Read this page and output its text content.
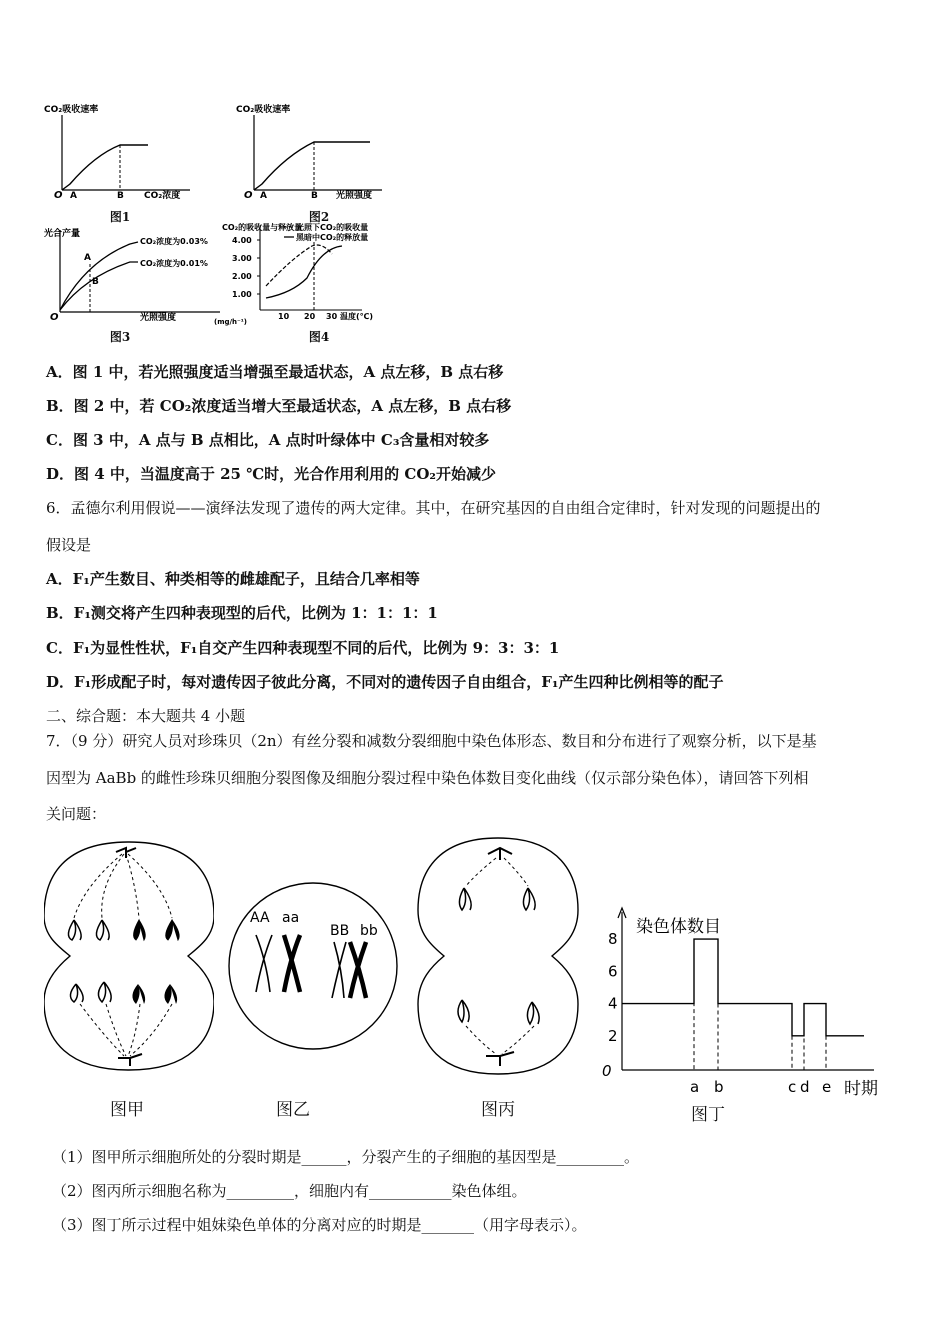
CO₂吸收速率
O A	B CO₂浓度
图1
CO₂吸收速率
O A	B 光照强度
图2
光合产量
CO₂浓度为0.03%
CO₂浓度为0.01%
A
B
O	光照强度
图3
光照下CO₂的吸收量
黑暗中CO₂的释放量
CO₂的吸收量与释放量
4.00
3.00
2.00
1.00
10 20 30 温度(℃)
(mg/h⁻¹)
图4
A．图 1 中，若光照强度适当增强至最适状态，A 点左移，B 点右移
B．图 2 中，若 CO₂浓度适当增大至最适状态，A 点左移，B 点右移
C．图 3 中，A 点与 B 点相比，A 点时叶绿体中 C₃含量相对较多
D．图 4 中，当温度高于 25 ℃时，光合作用利用的 CO₂开始减少
6．孟德尔利用假说——演绎法发现了遗传的两大定律。其中，在研究基因的自由组合定律时，针对发现的问题提出的
假设是
A．F₁产生数目、种类相等的雌雄配子，且结合几率相等
B．F₁测交将产生四种表现型的后代，比例为 1：1：1：1
C．F₁为显性性状，F₁自交产生四种表现型不同的后代，比例为 9：3：3：1
D．F₁形成配子时，每对遗传因子彼此分离，不同对的遗传因子自由组合，F₁产生四种比例相等的配子
二、综合题：本大题共 4 小题
7．（9 分）研究人员对珍珠贝（2n）有丝分裂和减数分裂细胞中染色体形态、数目和分布进行了观察分析，以下是基
因型为 AaBb 的雌性珍珠贝细胞分裂图像及细胞分裂过程中染色体数目变化曲线（仅示部分染色体），请回答下列相
关问题：
图甲
AA aa
BB bb
图乙	图丙
染色体数目
0
时期
2
4
6
8
a b	c d e
图丁
（1）图甲所示细胞所处的分裂时期是______，分裂产生的子细胞的基因型是_________。
（2）图丙所示细胞名称为_________，细胞内有___________染色体组。
（3）图丁所示过程中姐妹染色单体的分离对应的时期是_______（用字母表示）。
